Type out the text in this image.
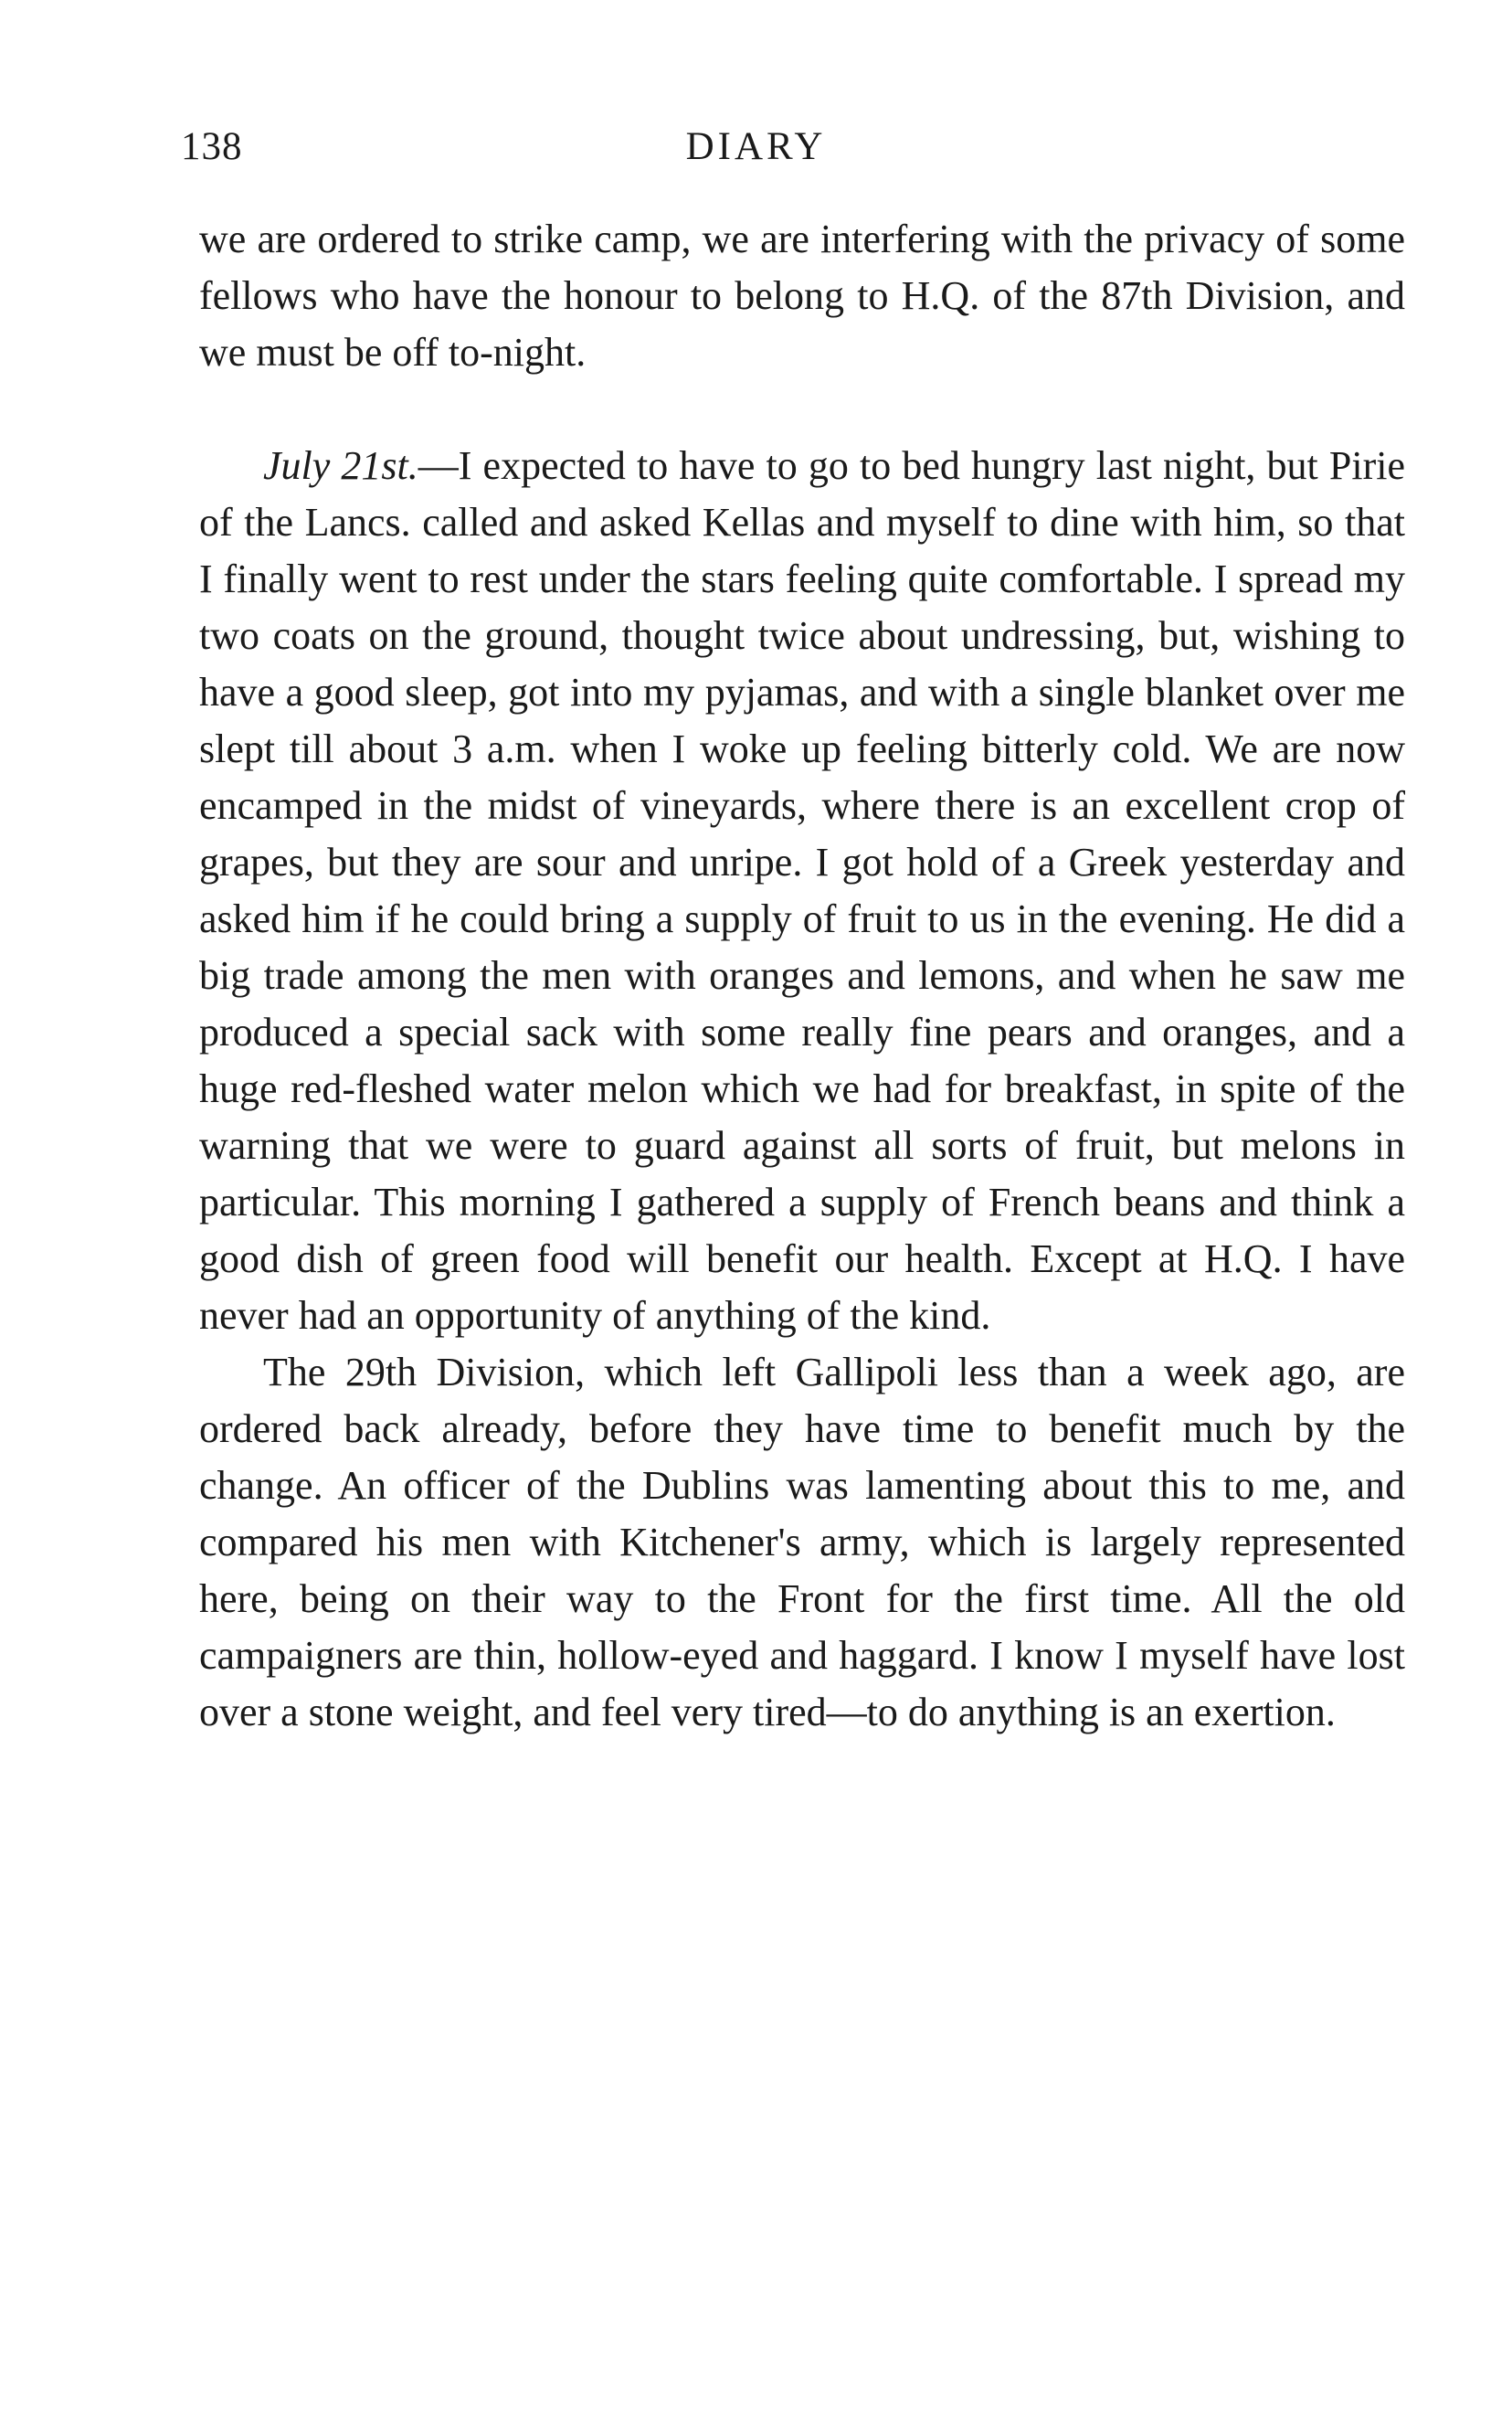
138	DIARY

we are ordered to strike camp, we are interfering with the privacy of some fellows who have the honour to belong to H.Q. of the 87th Division, and we must be off to-night.

July 21st.—I expected to have to go to bed hungry last night, but Pirie of the Lancs. called and asked Kellas and myself to dine with him, so that I finally went to rest under the stars feeling quite comfortable. I spread my two coats on the ground, thought twice about undressing, but, wishing to have a good sleep, got into my pyjamas, and with a single blanket over me slept till about 3 a.m. when I woke up feeling bitterly cold. We are now encamped in the midst of vineyards, where there is an excellent crop of grapes, but they are sour and unripe. I got hold of a Greek yesterday and asked him if he could bring a supply of fruit to us in the evening. He did a big trade among the men with oranges and lemons, and when he saw me produced a special sack with some really fine pears and oranges, and a huge red-fleshed water melon which we had for breakfast, in spite of the warning that we were to guard against all sorts of fruit, but melons in particular. This morning I gathered a supply of French beans and think a good dish of green food will benefit our health. Except at H.Q. I have never had an opportunity of anything of the kind.

The 29th Division, which left Gallipoli less than a week ago, are ordered back already, before they have time to benefit much by the change. An officer of the Dublins was lamenting about this to me, and compared his men with Kitchener's army, which is largely represented here, being on their way to the Front for the first time. All the old campaigners are thin, hollow-eyed and haggard. I know I myself have lost over a stone weight, and feel very tired—to do anything is an exertion.
